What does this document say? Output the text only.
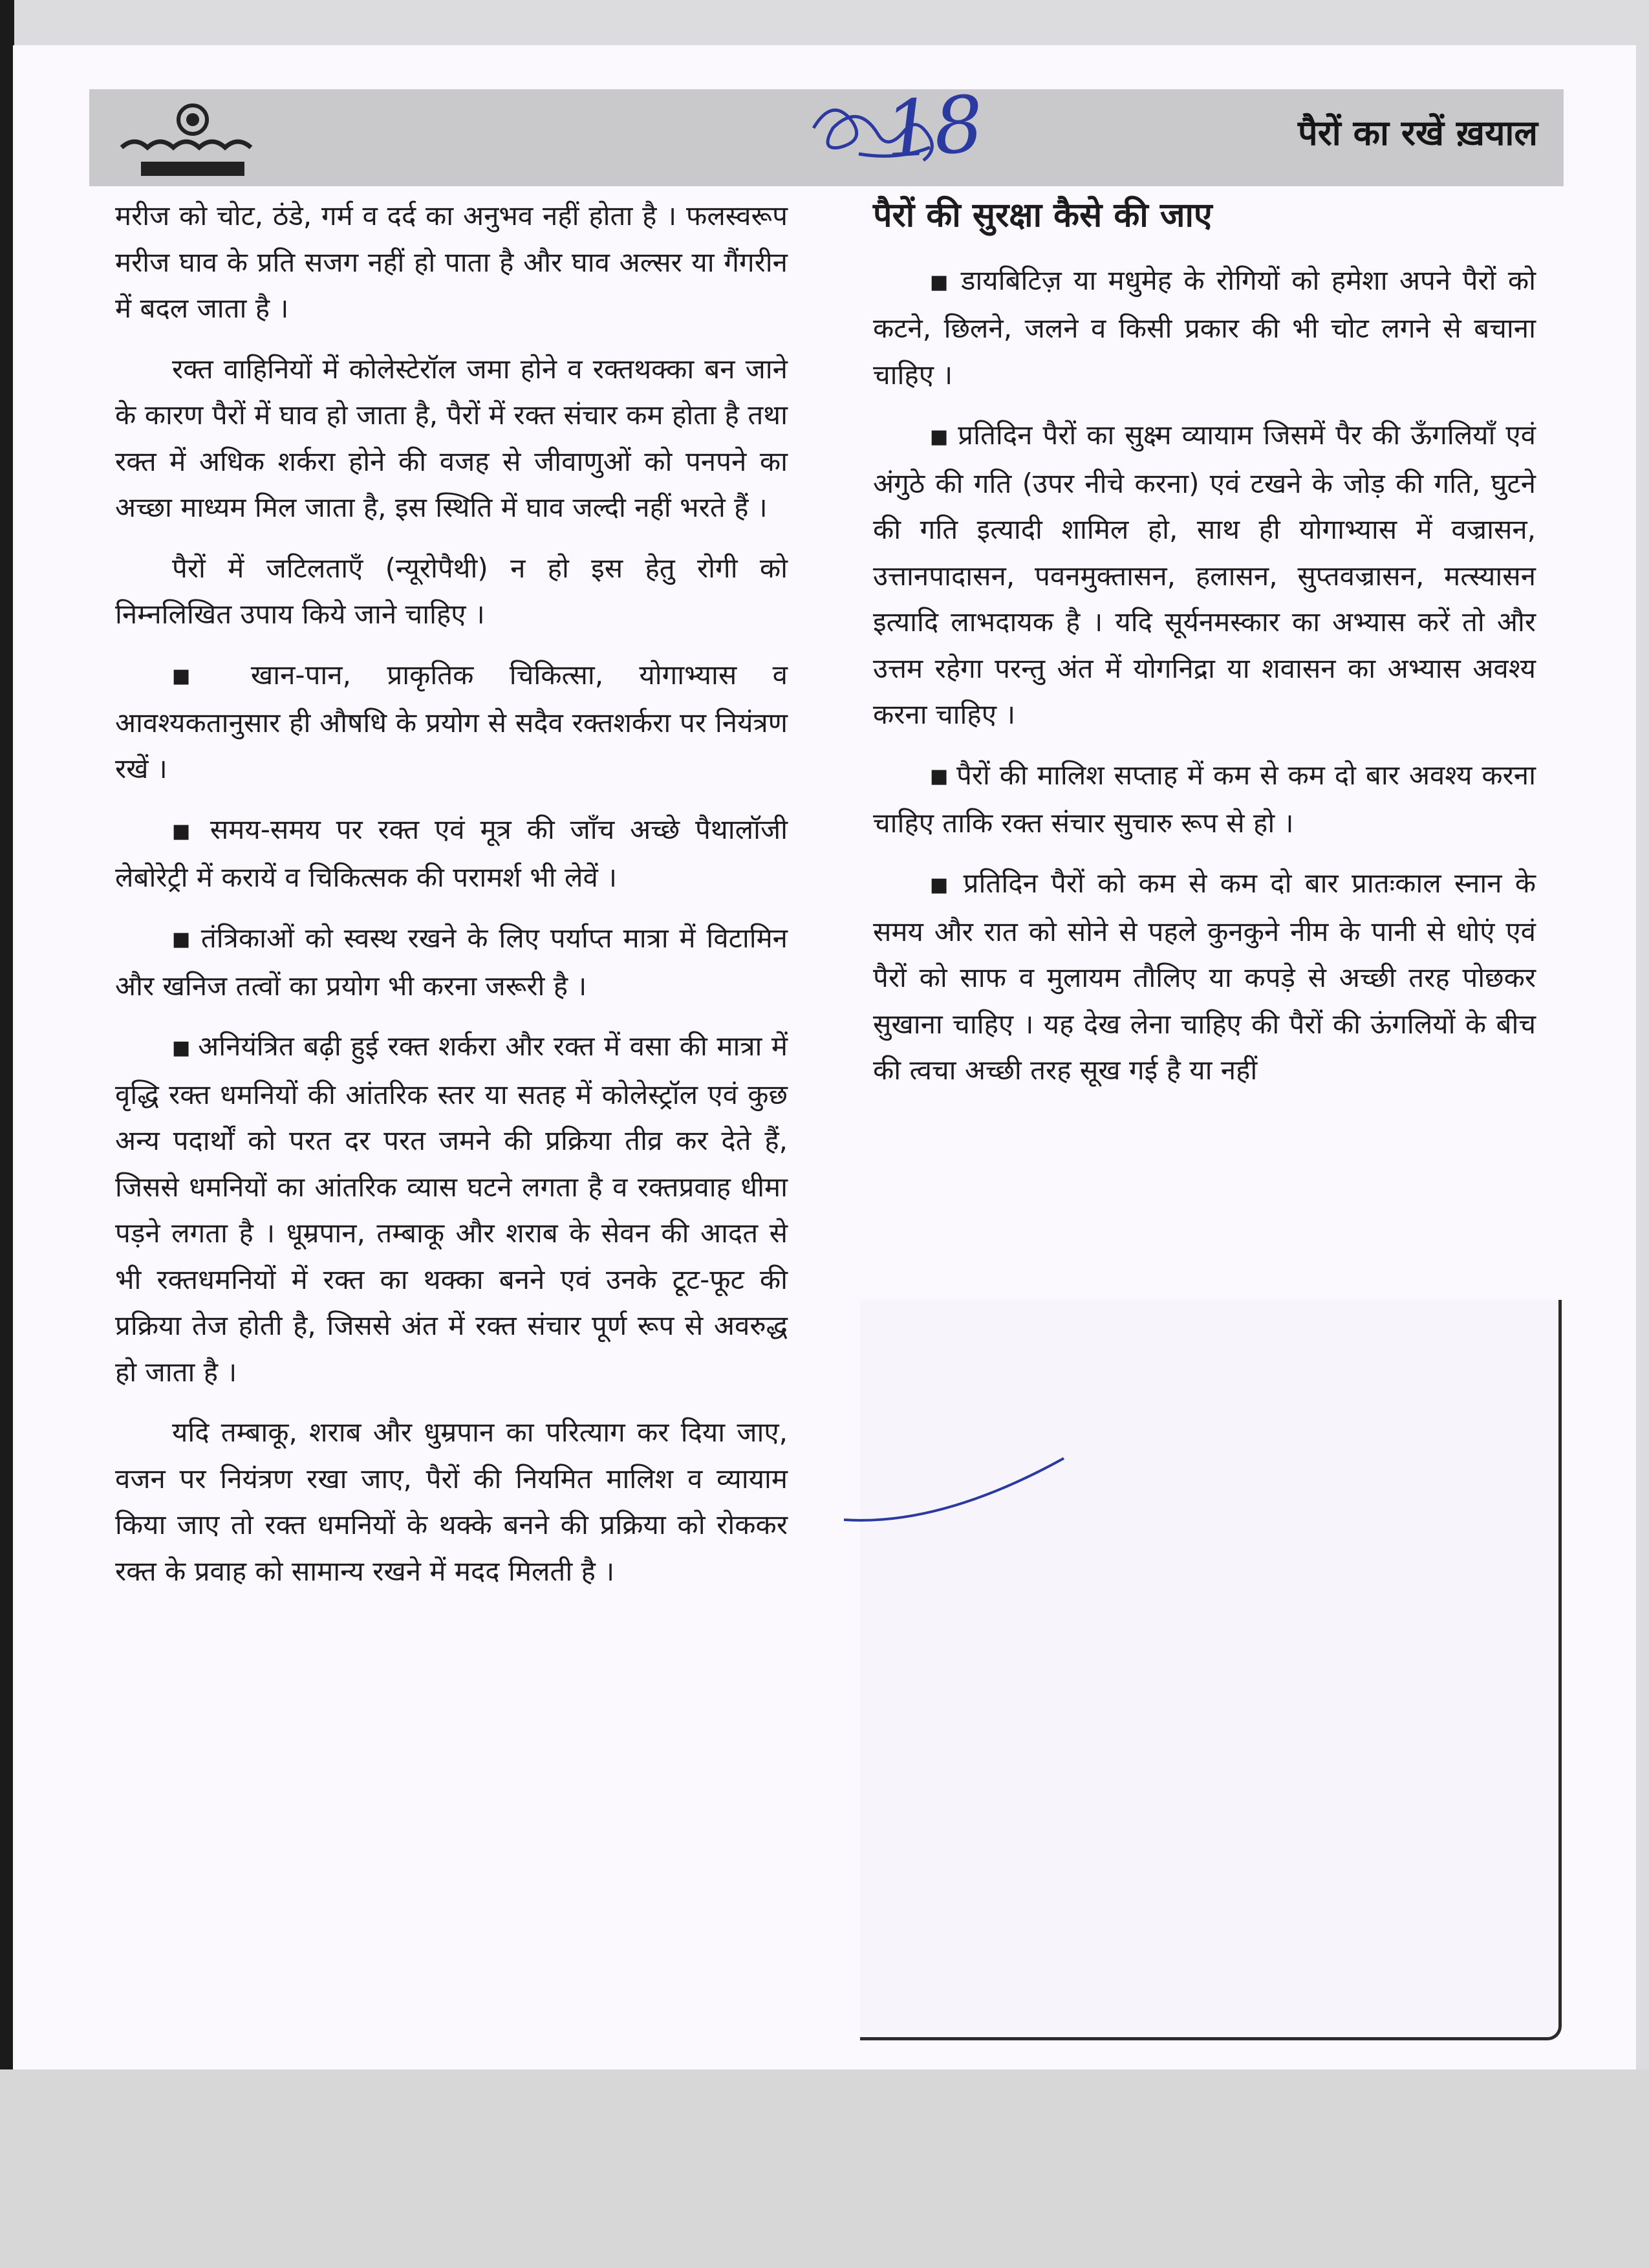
18	पैरों का रखें ख़याल

मरीज को चोट, ठंडे, गर्म व दर्द का अनुभव नहीं होता है । फलस्वरूप मरीज घाव के प्रति सजग नहीं हो पाता है और घाव अल्सर या गैंगरीन में बदल जाता है ।

रक्त वाहिनियों में कोलेस्टेरॉल जमा होने व रक्तथक्का बन जाने के कारण पैरों में घाव हो जाता है, पैरों में रक्त संचार कम होता है तथा रक्त में अधिक शर्करा होने की वजह से जीवाणुओं को पनपने का अच्छा माध्यम मिल जाता है, इस स्थिति में घाव जल्दी नहीं भरते हैं ।

पैरों में जटिलताएँ (न्यूरोपैथी) न हो इस हेतु रोगी को निम्नलिखित उपाय किये जाने चाहिए ।

■ खान-पान, प्राकृतिक चिकित्सा, योगाभ्यास व आवश्यकतानुसार ही औषधि के प्रयोग से सदैव रक्तशर्करा पर नियंत्रण रखें ।

■ समय-समय पर रक्त एवं मूत्र की जाँच अच्छे पैथालॉजी लेबोरेट्री में करायें व चिकित्सक की परामर्श भी लेवें ।

■ तंत्रिकाओं को स्वस्थ रखने के लिए पर्याप्त मात्रा में विटामिन और खनिज तत्वों का प्रयोग भी करना जरूरी है ।

■ अनियंत्रित बढ़ी हुई रक्त शर्करा और रक्त में वसा की मात्रा में वृद्धि रक्त धमनियों की आंतरिक स्तर या सतह में कोलेस्ट्रॉल एवं कुछ अन्य पदार्थों को परत दर परत जमने की प्रक्रिया तीव्र कर देते हैं, जिससे धमनियों का आंतरिक व्यास घटने लगता है व रक्तप्रवाह धीमा पड़ने लगता है । धूम्रपान, तम्बाकू और शराब के सेवन की आदत से भी रक्तधमनियों में रक्त का थक्का बनने एवं उनके टूट-फूट की प्रक्रिया तेज होती है, जिससे अंत में रक्त संचार पूर्ण रूप से अवरुद्ध हो जाता है ।

यदि तम्बाकू, शराब और धुम्रपान का परित्याग कर दिया जाए, वजन पर नियंत्रण रखा जाए, पैरों की नियमित मालिश व व्यायाम किया जाए तो रक्त धमनियों के थक्के बनने की प्रक्रिया को रोककर रक्त के प्रवाह को सामान्य रखने में मदद मिलती है ।

पैरों की सुरक्षा कैसे की जाए

■ डायबिटिज़ या मधुमेह के रोगियों को हमेशा अपने पैरों को कटने, छिलने, जलने व किसी प्रकार की भी चोट लगने से बचाना चाहिए ।

■ प्रतिदिन पैरों का सुक्ष्म व्यायाम जिसमें पैर की ऊँगलियाँ एवं अंगुठे की गति (उपर नीचे करना) एवं टखने के जोड़ की गति, घुटने की गति इत्यादी शामिल हो, साथ ही योगाभ्यास में वज्रासन, उत्तानपादासन, पवनमुक्तासन, हलासन, सुप्तवज्रासन, मत्स्यासन इत्यादि लाभदायक है । यदि सूर्यनमस्कार का अभ्यास करें तो और उत्तम रहेगा परन्तु अंत में योगनिद्रा या शवासन का अभ्यास अवश्य करना चाहिए ।

■ पैरों की मालिश सप्ताह में कम से कम दो बार अवश्य करना चाहिए ताकि रक्त संचार सुचारु रूप से हो ।

■ प्रतिदिन पैरों को कम से कम दो बार प्रातःकाल स्नान के समय और रात को सोने से पहले कुनकुने नीम के पानी से धोएं एवं पैरों को साफ व मुलायम तौलिए या कपड़े से अच्छी तरह पोछकर सुखाना चाहिए । यह देख लेना चाहिए की पैरों की ऊंगलियों के बीच की त्वचा अच्छी तरह सूख गई है या नहीं
